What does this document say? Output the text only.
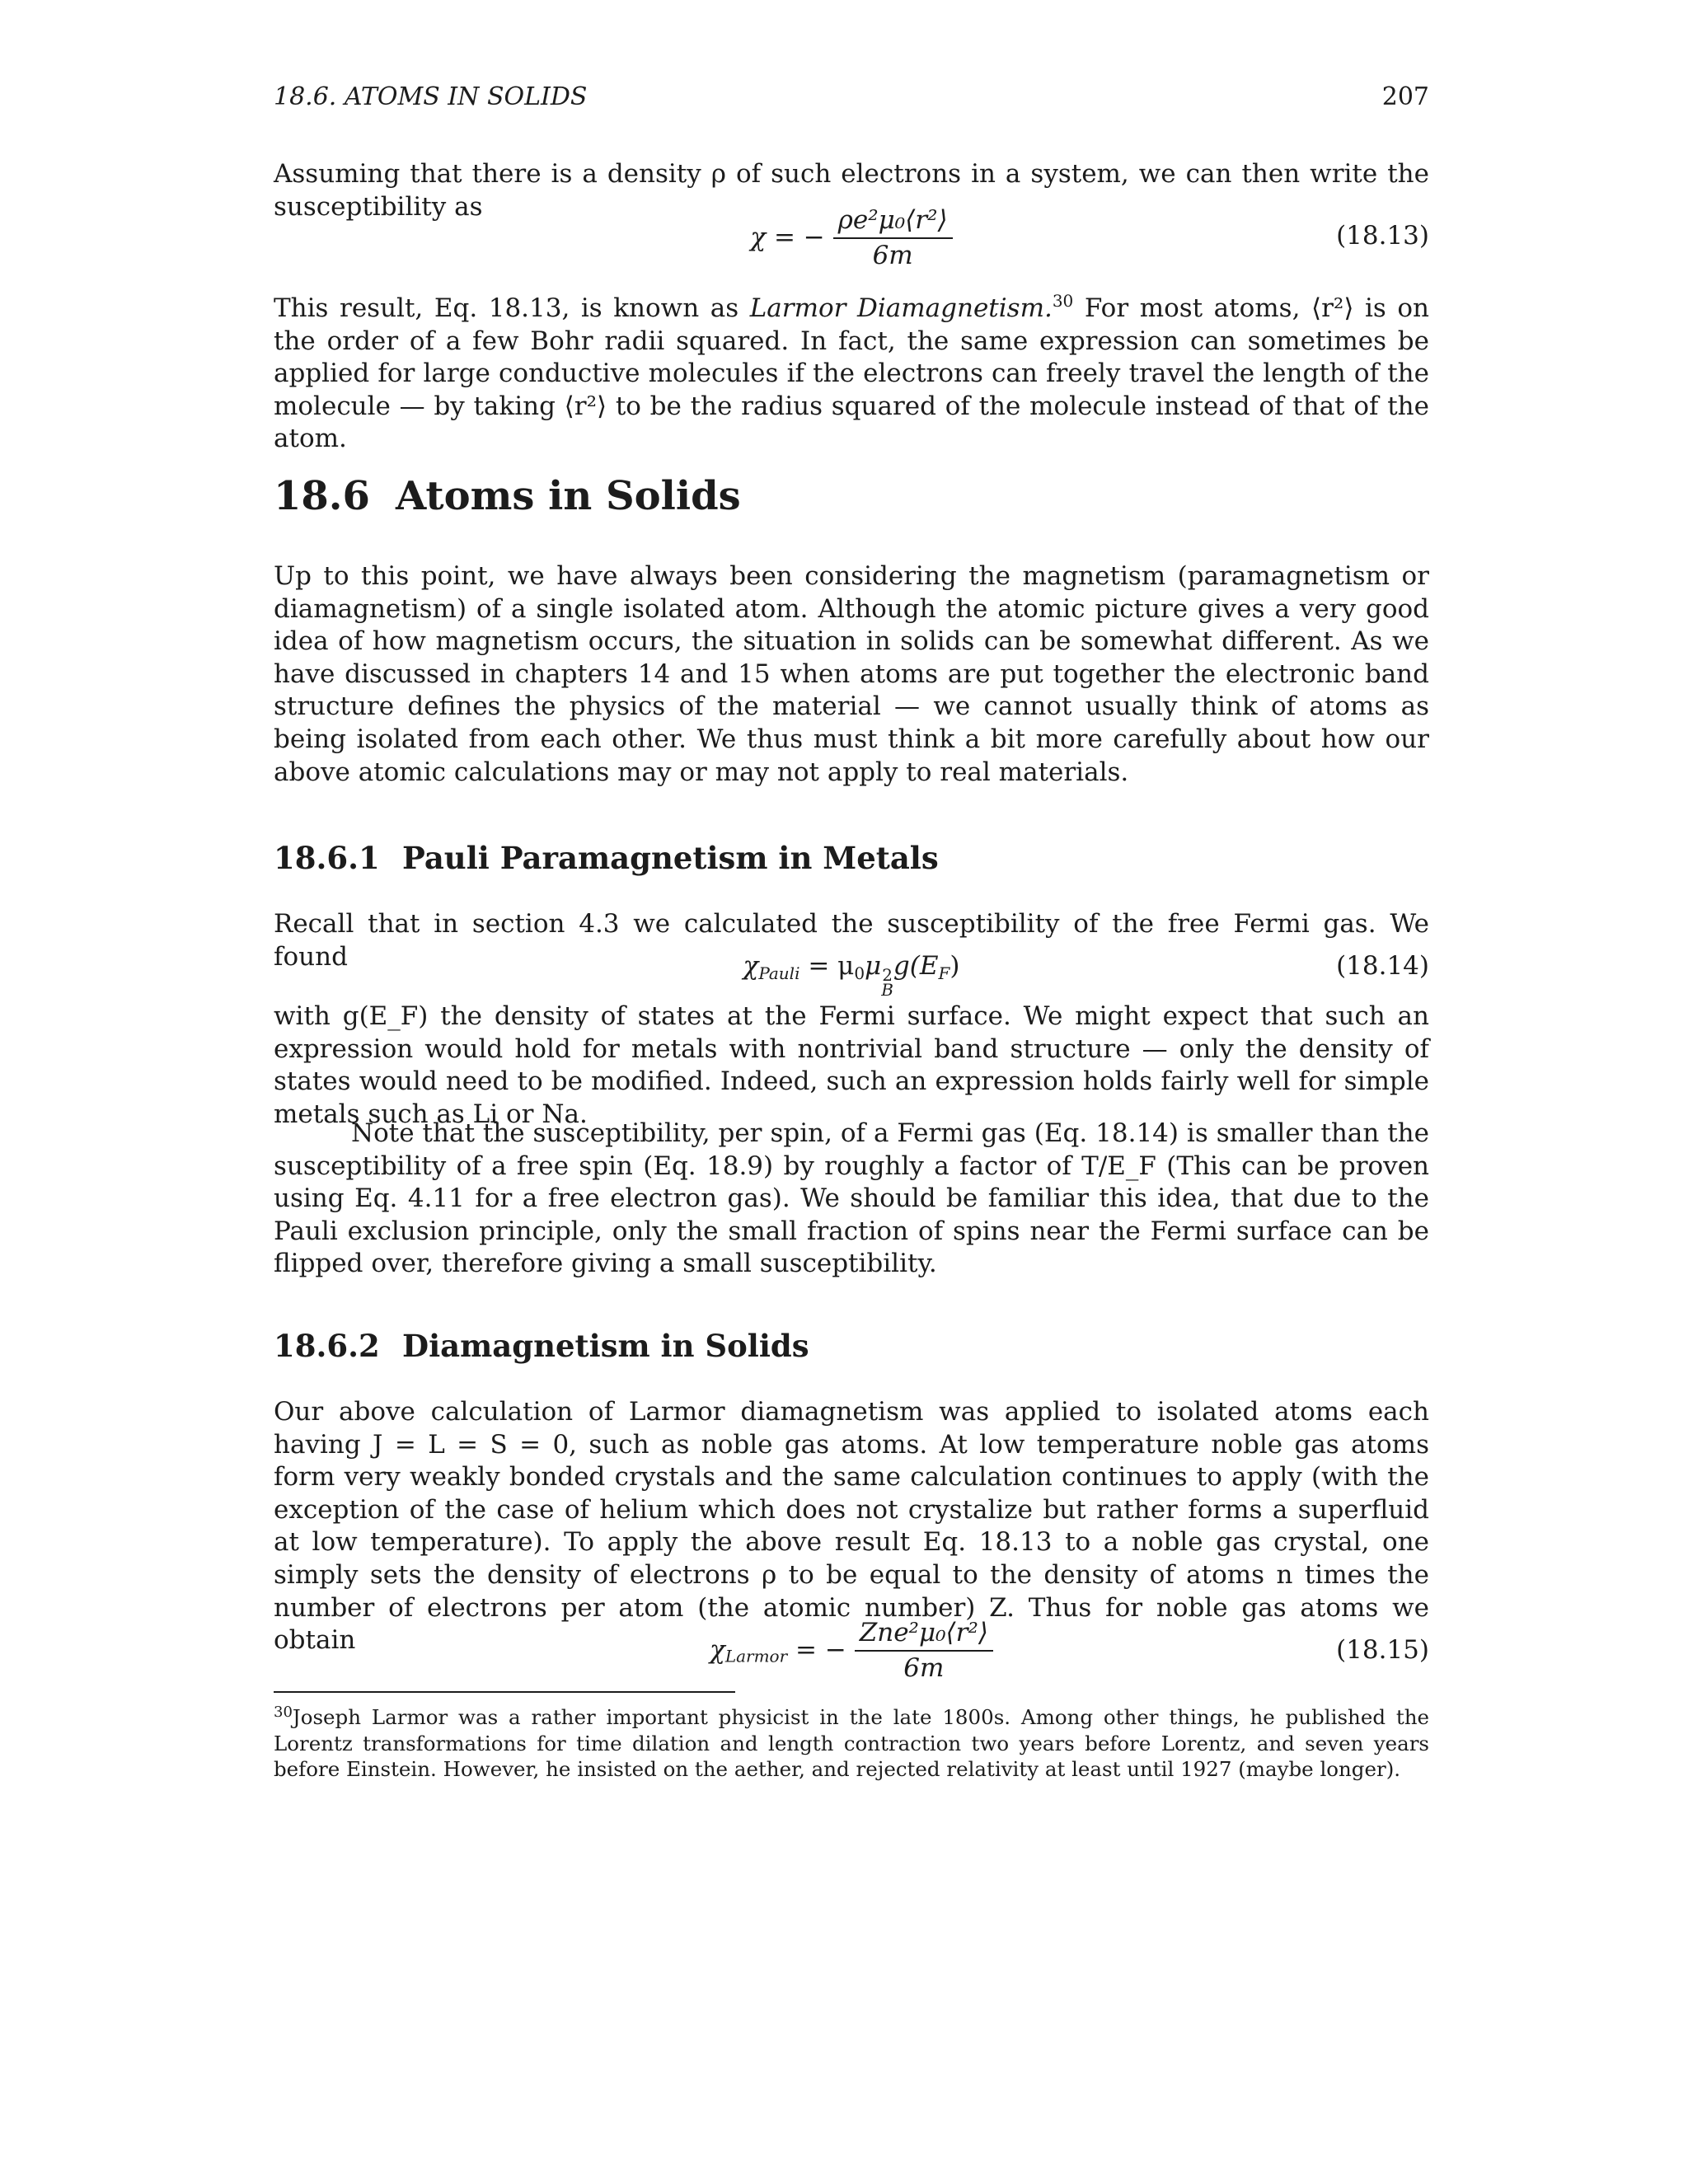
18.6. ATOMS IN SOLIDS	207

Assuming that there is a density ρ of such electrons in a system, we can then write the susceptibility as

χ = − $\frac{\text{ρe²μ₀⟨r²⟩}}{6m}$	(18.13)

This result, Eq. 18.13, is known as Larmor Diamagnetism.$^{30}$ For most atoms, ⟨r²⟩ is on the order of a few Bohr radii squared. In fact, the same expression can sometimes be applied for large conductive molecules if the electrons can freely travel the length of the molecule — by taking ⟨r²⟩ to be the radius squared of the molecule instead of that of the atom.

18.6 Atoms in Solids

Up to this point, we have always been considering the magnetism (paramagnetism or diamagnetism) of a single isolated atom. Although the atomic picture gives a very good idea of how magnetism occurs, the situation in solids can be somewhat different. As we have discussed in chapters 14 and 15 when atoms are put together the electronic band structure defines the physics of the material — we cannot usually think of atoms as being isolated from each other. We thus must think a bit more carefully about how our above atomic calculations may or may not apply to real materials.

18.6.1 Pauli Paramagnetism in Metals

Recall that in section 4.3 we calculated the susceptibility of the free Fermi gas. We found	$\chi_{Pauli} = \mu_0\mu$ 2
B
$g(E_F)$	(18.14)

with g(E_F) the density of states at the Fermi surface. We might expect that such an expression would hold for metals with nontrivial band structure — only the density of states would need to be modified. Indeed, such an expression holds fairly well for simple metals such as Li or Na.

Note that the susceptibility, per spin, of a Fermi gas (Eq. 18.14) is smaller than the susceptibility of a free spin (Eq. 18.9) by roughly a factor of T/E_F (This can be proven using Eq. 4.11 for a free electron gas). We should be familiar this idea, that due to the Pauli exclusion principle, only the small fraction of spins near the Fermi surface can be flipped over, therefore giving a small susceptibility.

18.6.2 Diamagnetism in Solids

Our above calculation of Larmor diamagnetism was applied to isolated atoms each having J = L = S = 0, such as noble gas atoms. At low temperature noble gas atoms form very weakly bonded crystals and the same calculation continues to apply (with the exception of the case of helium which does not crystalize but rather forms a superfluid at low temperature). To apply the above result Eq. 18.13 to a noble gas crystal, one simply sets the density of electrons ρ to be equal to the density of atoms n times the number of electrons per atom (the atomic number) Z. Thus for noble gas atoms we obtain	$\chi_{Larmor}$ = − $\frac{\text{Zne²μ₀⟨r²⟩}}{6m}$	(18.15)

$^{30}$Joseph Larmor was a rather important physicist in the late 1800s. Among other things, he published the Lorentz transformations for time dilation and length contraction two years before Lorentz, and seven years before Einstein. However, he insisted on the aether, and rejected relativity at least until 1927 (maybe longer).
